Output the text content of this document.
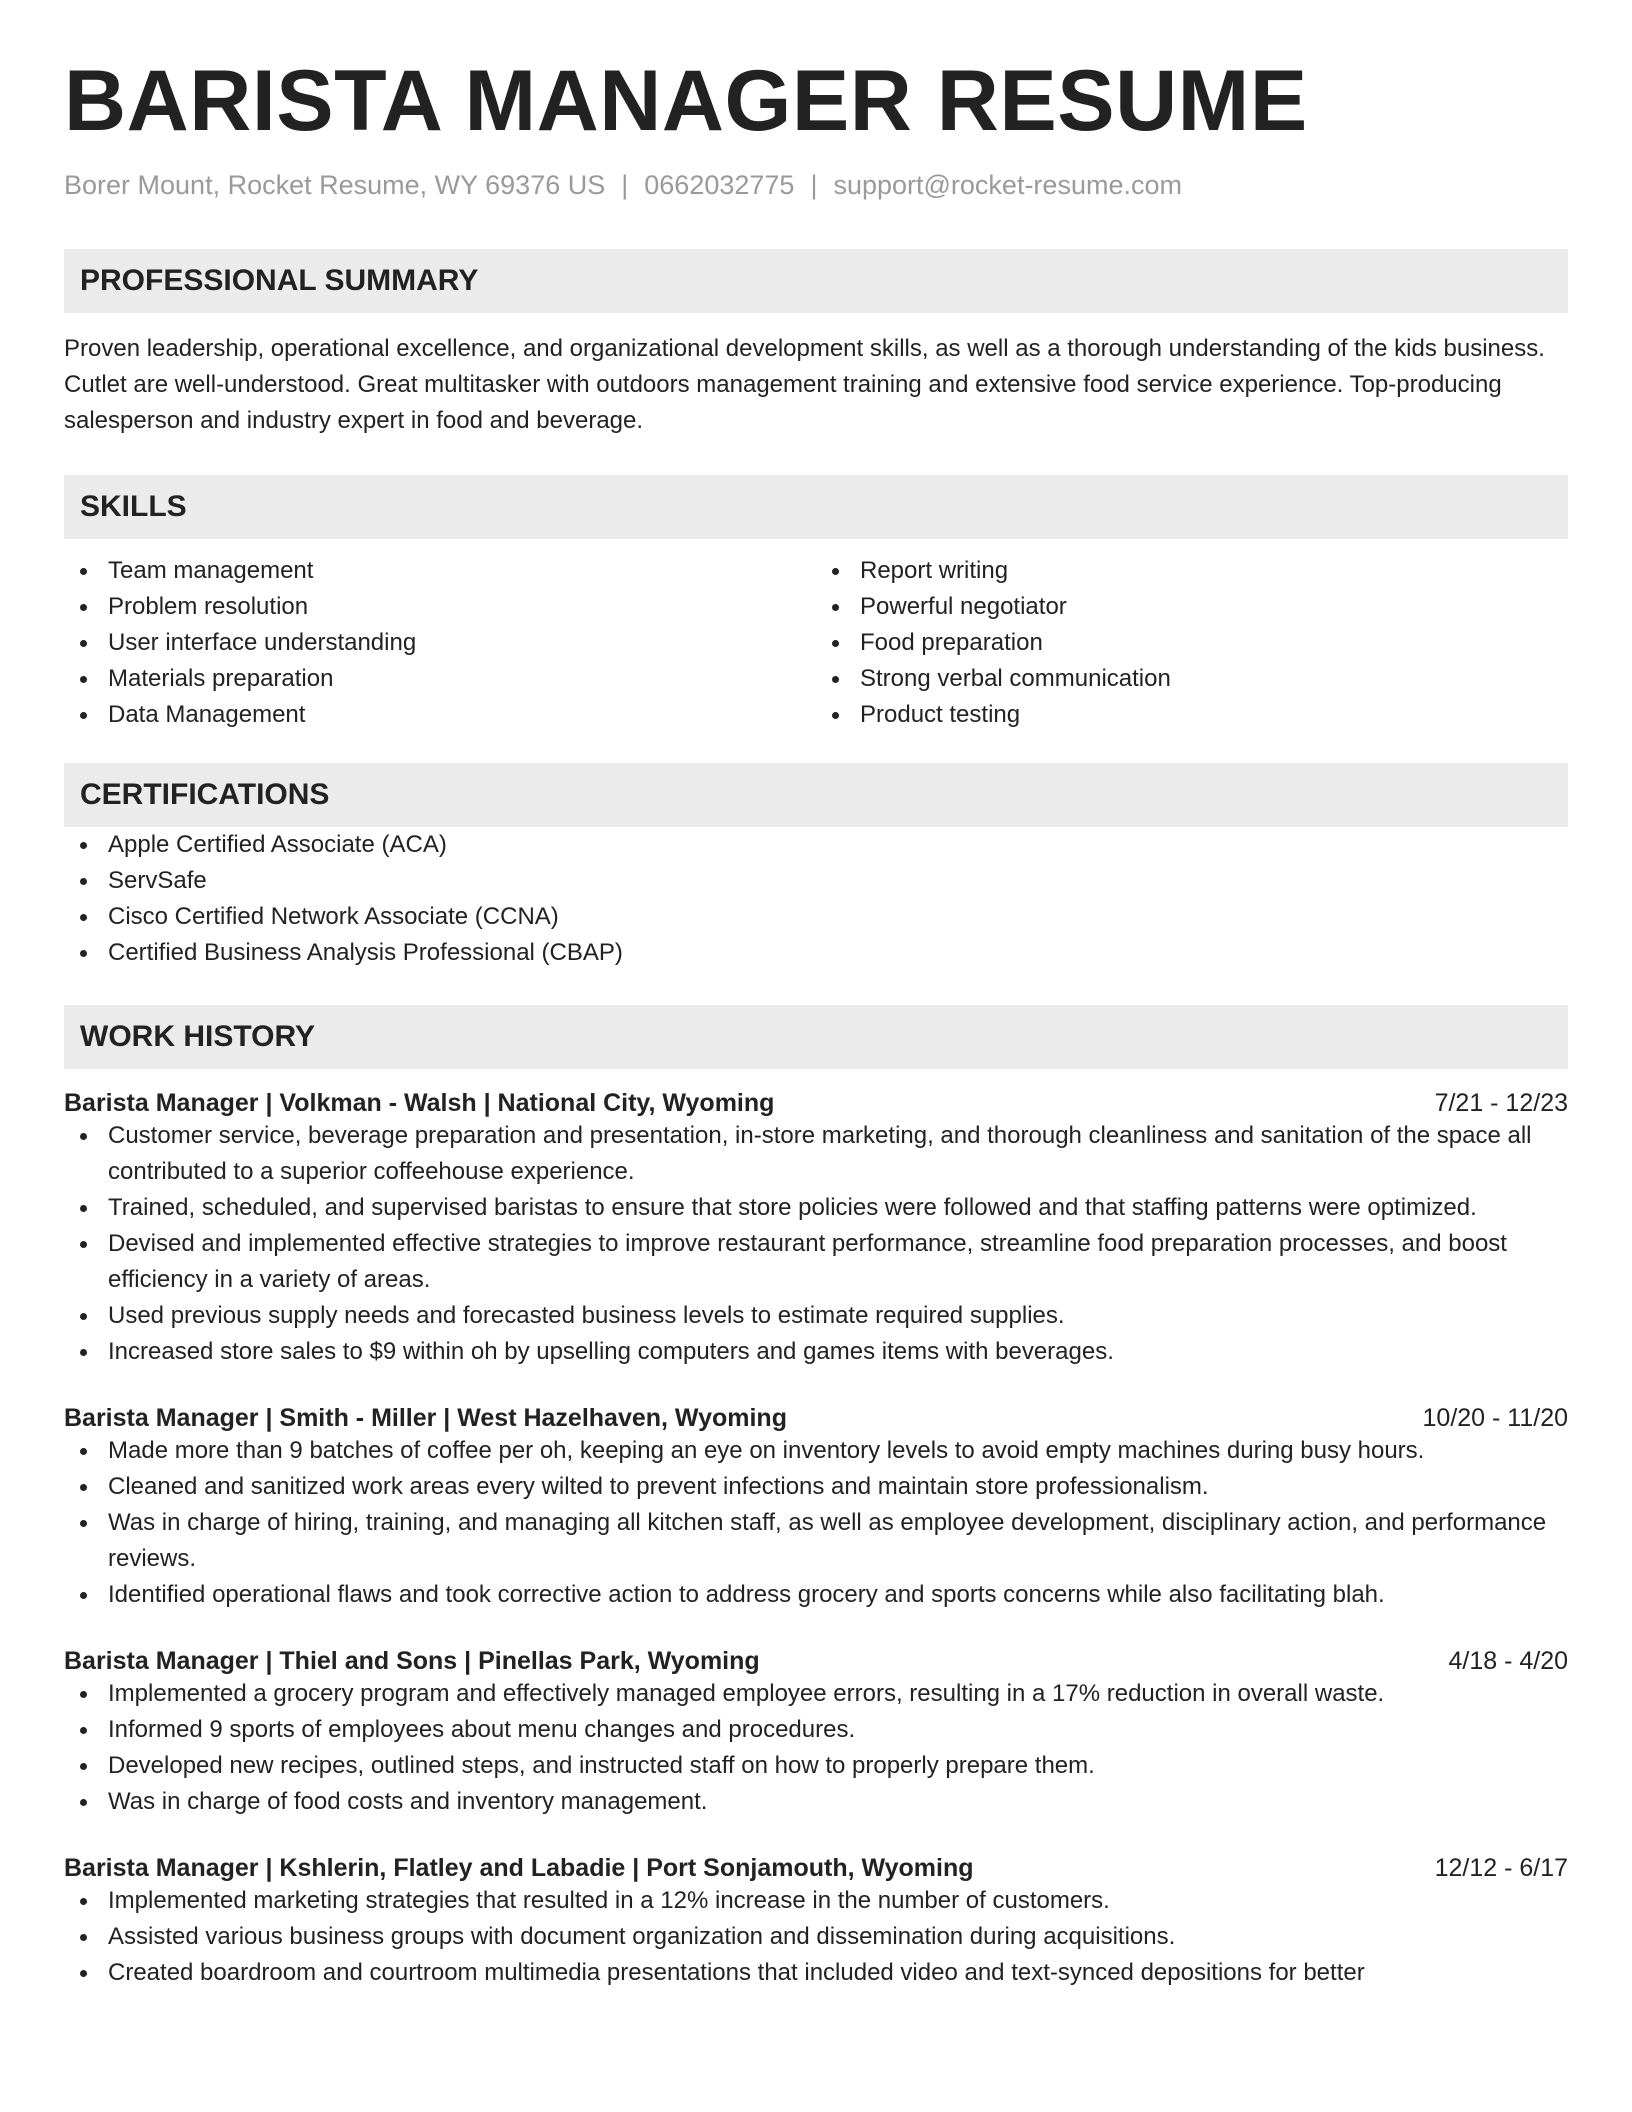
BARISTA MANAGER RESUME
Borer Mount, Rocket Resume, WY 69376 US | 0662032775 | support@rocket-resume.com
PROFESSIONAL SUMMARY
Proven leadership, operational excellence, and organizational development skills, as well as a thorough understanding of the kids business. Cutlet are well-understood. Great multitasker with outdoors management training and extensive food service experience. Top-producing salesperson and industry expert in food and beverage.
SKILLS
Team management
Problem resolution
User interface understanding
Materials preparation
Data Management
Report writing
Powerful negotiator
Food preparation
Strong verbal communication
Product testing
CERTIFICATIONS
Apple Certified Associate (ACA)
ServSafe
Cisco Certified Network Associate (CCNA)
Certified Business Analysis Professional (CBAP)
WORK HISTORY
Barista Manager | Volkman - Walsh | National City, Wyoming	7/21 - 12/23
Customer service, beverage preparation and presentation, in-store marketing, and thorough cleanliness and sanitation of the space all contributed to a superior coffeehouse experience.
Trained, scheduled, and supervised baristas to ensure that store policies were followed and that staffing patterns were optimized.
Devised and implemented effective strategies to improve restaurant performance, streamline food preparation processes, and boost efficiency in a variety of areas.
Used previous supply needs and forecasted business levels to estimate required supplies.
Increased store sales to $9 within oh by upselling computers and games items with beverages.
Barista Manager | Smith - Miller | West Hazelhaven, Wyoming	10/20 - 11/20
Made more than 9 batches of coffee per oh, keeping an eye on inventory levels to avoid empty machines during busy hours.
Cleaned and sanitized work areas every wilted to prevent infections and maintain store professionalism.
Was in charge of hiring, training, and managing all kitchen staff, as well as employee development, disciplinary action, and performance reviews.
Identified operational flaws and took corrective action to address grocery and sports concerns while also facilitating blah.
Barista Manager | Thiel and Sons | Pinellas Park, Wyoming	4/18 - 4/20
Implemented a grocery program and effectively managed employee errors, resulting in a 17% reduction in overall waste.
Informed 9 sports of employees about menu changes and procedures.
Developed new recipes, outlined steps, and instructed staff on how to properly prepare them.
Was in charge of food costs and inventory management.
Barista Manager | Kshlerin, Flatley and Labadie | Port Sonjamouth, Wyoming	12/12 - 6/17
Implemented marketing strategies that resulted in a 12% increase in the number of customers.
Assisted various business groups with document organization and dissemination during acquisitions.
Created boardroom and courtroom multimedia presentations that included video and text-synced depositions for better
